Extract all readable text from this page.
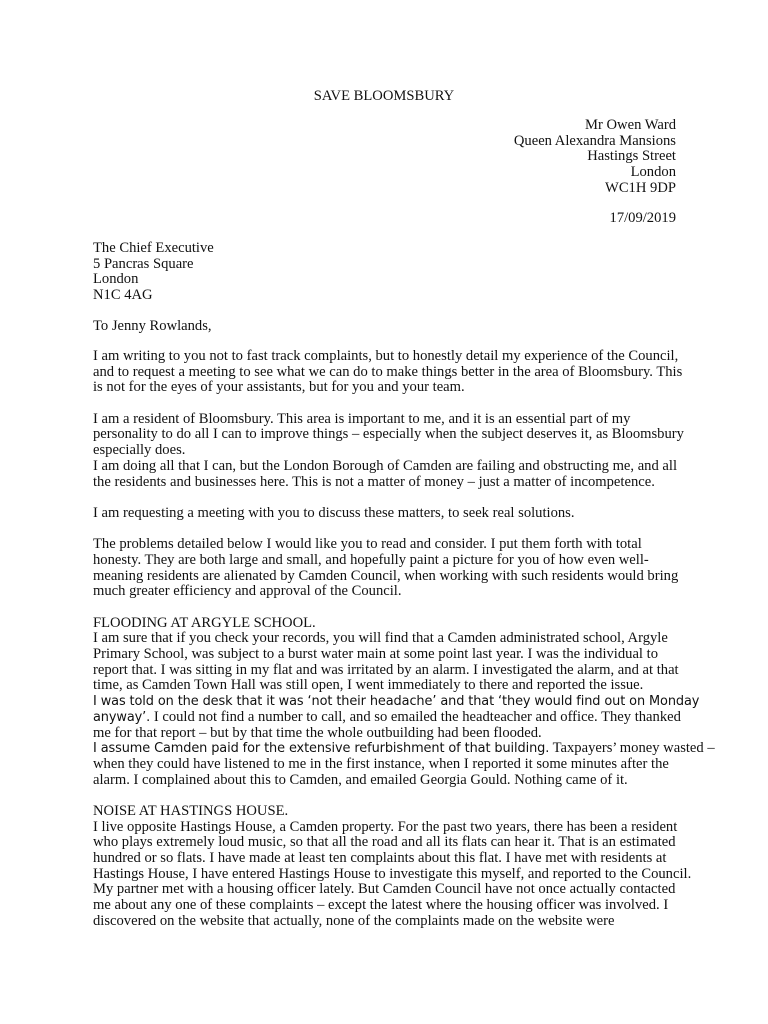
SAVE BLOOMSBURY
Mr Owen Ward
Queen Alexandra Mansions
Hastings Street
London
WC1H 9DP
17/09/2019
The Chief Executive
5 Pancras Square
London
N1C 4AG
To Jenny Rowlands,
I am writing to you not to fast track complaints, but to honestly detail my experience of the Council,
and to request a meeting to see what we can do to make things better in the area of Bloomsbury. This
is not for the eyes of your assistants, but for you and your team.
I am a resident of Bloomsbury. This area is important to me, and it is an essential part of my
personality to do all I can to improve things – especially when the subject deserves it, as Bloomsbury
especially does.
I am doing all that I can, but the London Borough of Camden are failing and obstructing me, and all
the residents and businesses here. This is not a matter of money – just a matter of incompetence.
I am requesting a meeting with you to discuss these matters, to seek real solutions.
The problems detailed below I would like you to read and consider. I put them forth with total
honesty. They are both large and small, and hopefully paint a picture for you of how even well-
meaning residents are alienated by Camden Council, when working with such residents would bring
much greater efficiency and approval of the Council.
FLOODING AT ARGYLE SCHOOL.
I am sure that if you check your records, you will find that a Camden administrated school, Argyle
Primary School, was subject to a burst water main at some point last year. I was the individual to
report that. I was sitting in my flat and was irritated by an alarm. I investigated the alarm, and at that
time, as Camden Town Hall was still open, I went immediately to there and reported the issue.
I was told on the desk that it was ‘not their headache’ and that ‘they would find out on Monday
anyway’. I could not find a number to call, and so emailed the headteacher and office. They thanked
me for that report – but by that time the whole outbuilding had been flooded.
I assume Camden paid for the extensive refurbishment of that building. Taxpayers’ money wasted –
when they could have listened to me in the first instance, when I reported it some minutes after the
alarm. I complained about this to Camden, and emailed Georgia Gould. Nothing came of it.
NOISE AT HASTINGS HOUSE.
I live opposite Hastings House, a Camden property. For the past two years, there has been a resident
who plays extremely loud music, so that all the road and all its flats can hear it. That is an estimated
hundred or so flats. I have made at least ten complaints about this flat. I have met with residents at
Hastings House, I have entered Hastings House to investigate this myself, and reported to the Council.
My partner met with a housing officer lately. But Camden Council have not once actually contacted
me about any one of these complaints – except the latest where the housing officer was involved. I
discovered on the website that actually, none of the complaints made on the website were
